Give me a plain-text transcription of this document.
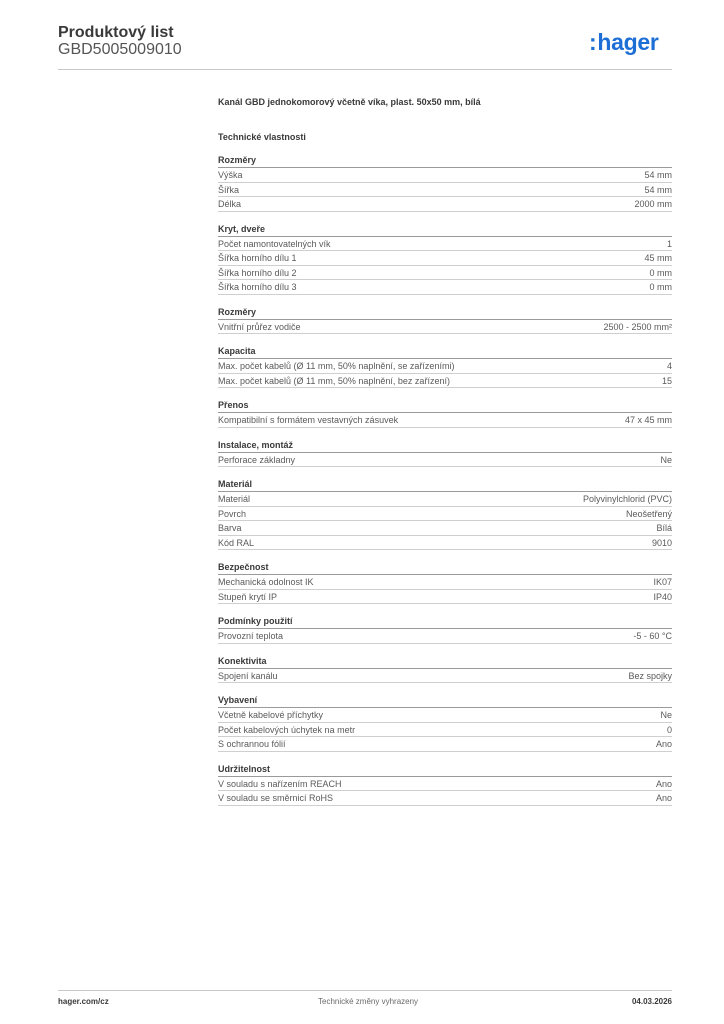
Produktový list
GBD5005009010	:hager
Kanál GBD jednokomorový včetně víka, plast. 50x50 mm, bílá
Technické vlastnosti
Rozměry
Výška	54 mm
Šířka	54 mm
Délka	2000 mm
Kryt, dveře
Počet namontovatelných vík	1
Šířka horního dílu 1	45 mm
Šířka horního dílu 2	0 mm
Šířka horního dílu 3	0 mm
Rozměry
Vnitřní průřez vodiče	2500 - 2500 mm²
Kapacita
Max. počet kabelů (Ø 11 mm, 50% naplnění, se zařízeními)	4
Max. počet kabelů (Ø 11 mm, 50% naplnění, bez zařízení)	15
Přenos
Kompatibilní s formátem vestavných zásuvek	47 x 45 mm
Instalace, montáž
Perforace základny	Ne
Materiál
Materiál	Polyvinylchlorid (PVC)
Povrch	Neošetřený
Barva	Bílá
Kód RAL	9010
Bezpečnost
Mechanická odolnost IK	IK07
Stupeň krytí IP	IP40
Podmínky použití
Provozní teplota	-5 - 60 °C
Konektivita
Spojení kanálu	Bez spojky
Vybavení
Včetně kabelové příchytky	Ne
Počet kabelových úchytek na metr	0
S ochrannou fólií	Ano
Udržitelnost
V souladu s nařízením REACH	Ano
V souladu se směrnicí RoHS	Ano
hager.com/cz	Technické změny vyhrazeny	04.03.2026
